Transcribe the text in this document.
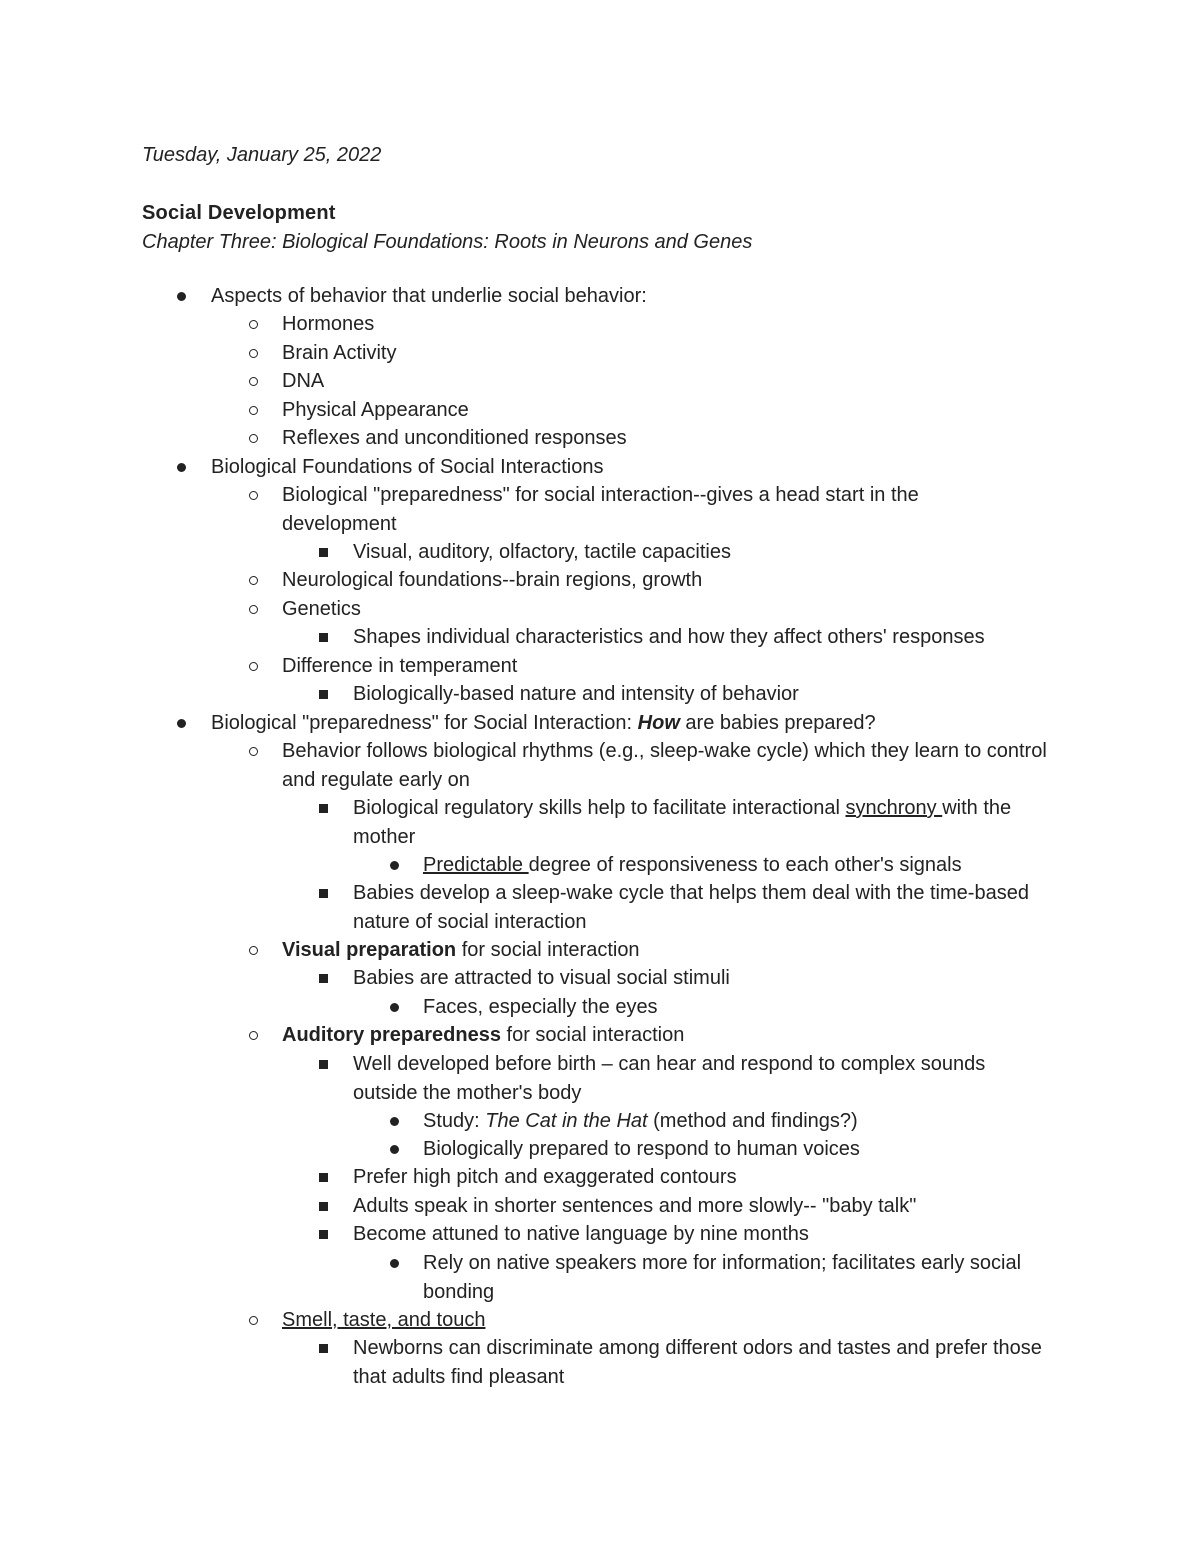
Tuesday, January 25, 2022
Social Development
Chapter Three: Biological Foundations: Roots in Neurons and Genes
Aspects of behavior that underlie social behavior:
Hormones
Brain Activity
DNA
Physical Appearance
Reflexes and unconditioned responses
Biological Foundations of Social Interactions
Biological "preparedness" for social interaction--gives a head start in the development
Visual, auditory, olfactory, tactile capacities
Neurological foundations--brain regions, growth
Genetics
Shapes individual characteristics and how they affect others' responses
Difference in temperament
Biologically-based nature and intensity of behavior
Biological "preparedness" for Social Interaction: How are babies prepared?
Behavior follows biological rhythms (e.g., sleep-wake cycle) which they learn to control and regulate early on
Biological regulatory skills help to facilitate interactional synchrony with the mother
Predictable degree of responsiveness to each other's signals
Babies develop a sleep-wake cycle that helps them deal with the time-based nature of social interaction
Visual preparation for social interaction
Babies are attracted to visual social stimuli
Faces, especially the eyes
Auditory preparedness for social interaction
Well developed before birth – can hear and respond to complex sounds outside the mother's body
Study: The Cat in the Hat (method and findings?)
Biologically prepared to respond to human voices
Prefer high pitch and exaggerated contours
Adults speak in shorter sentences and more slowly-- "baby talk"
Become attuned to native language by nine months
Rely on native speakers more for information; facilitates early social bonding
Smell, taste, and touch
Newborns can discriminate among different odors and tastes and prefer those that adults find pleasant
